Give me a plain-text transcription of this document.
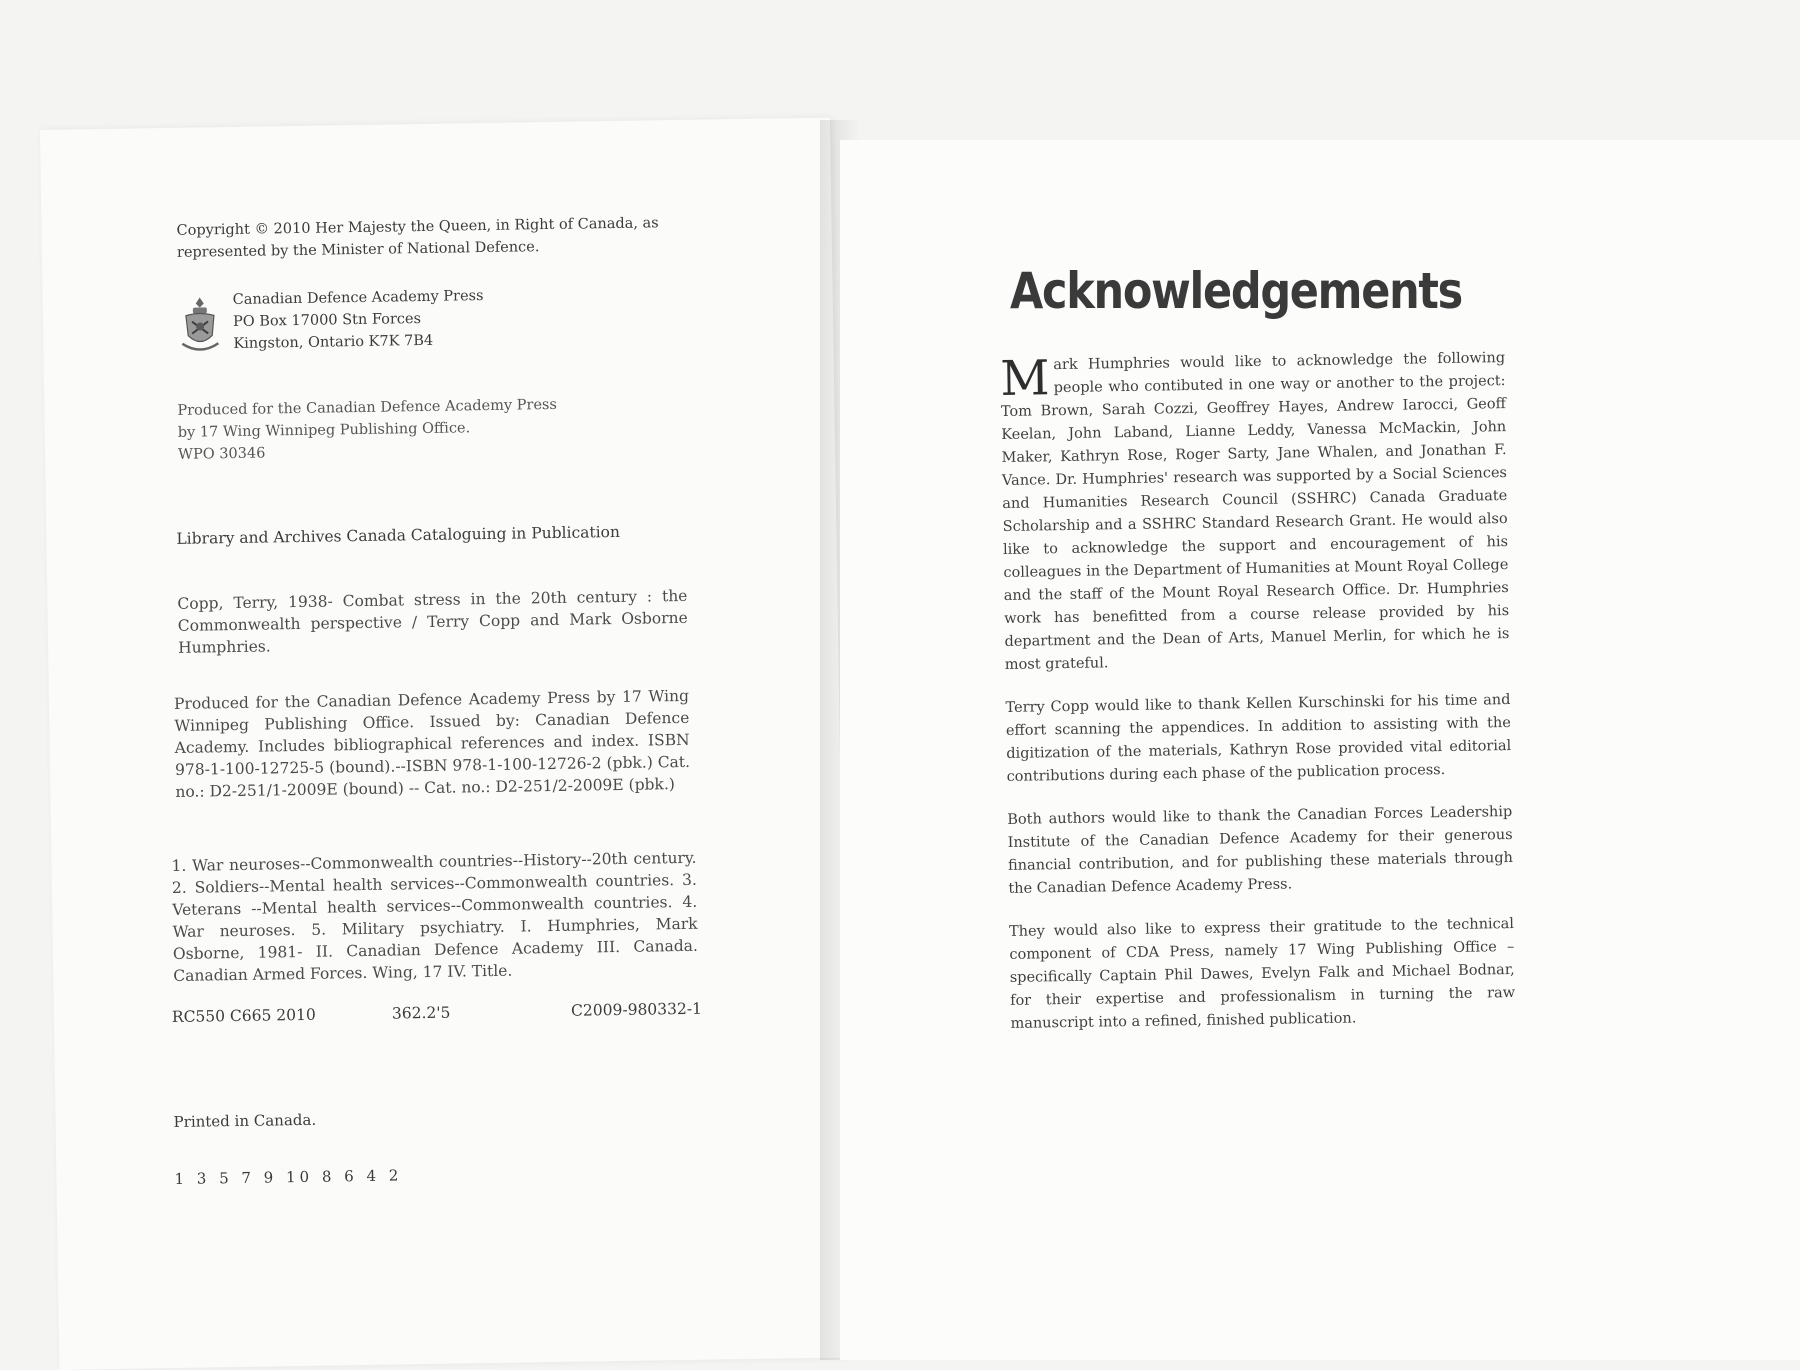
Copyright © 2010 Her Majesty the Queen, in Right of Canada, as represented by the Minister of National Defence.
Canadian Defence Academy Press
PO Box 17000 Stn Forces
Kingston, Ontario K7K 7B4
Produced for the Canadian Defence Academy Press
by 17 Wing Winnipeg Publishing Office.
WPO 30346
Library and Archives Canada Cataloguing in Publication

Copp, Terry, 1938- Combat stress in the 20th century : the Commonwealth perspective / Terry Copp and Mark Osborne Humphries.

Produced for the Canadian Defence Academy Press by 17 Wing Winnipeg Publishing Office. Issued by: Canadian Defence Academy. Includes bibliographical references and index. ISBN 978-1-100-12725-5 (bound).--ISBN 978-1-100-12726-2 (pbk.) Cat. no.: D2-251/1-2009E (bound) -- Cat. no.: D2-251/2-2009E (pbk.)

1. War neuroses--Commonwealth countries--History--20th century. 2. Soldiers--Mental health services--Commonwealth countries. 3. Veterans --Mental health services--Commonwealth countries. 4. War neuroses. 5. Military psychiatry. I. Humphries, Mark Osborne, 1981- II. Canadian Defence Academy III. Canada. Canadian Armed Forces. Wing, 17 IV. Title.

RC550 C665 2010	362.2'5	C2009-980332-1
Printed in Canada.
1 3 5 7 9 10 8 6 4 2
Acknowledgements

Mark Humphries would like to acknowledge the following people who contibuted in one way or another to the project: Tom Brown, Sarah Cozzi, Geoffrey Hayes, Andrew Iarocci, Geoff Keelan, John Laband, Lianne Leddy, Vanessa McMackin, John Maker, Kathryn Rose, Roger Sarty, Jane Whalen, and Jonathan F. Vance. Dr. Humphries' research was supported by a Social Sciences and Humanities Research Council (SSHRC) Canada Graduate Scholarship and a SSHRC Standard Research Grant. He would also like to acknowledge the support and encouragement of his colleagues in the Department of Humanities at Mount Royal College and the staff of the Mount Royal Research Office. Dr. Humphries work has benefitted from a course release provided by his department and the Dean of Arts, Manuel Merlin, for which he is most grateful.

Terry Copp would like to thank Kellen Kurschinski for his time and effort scanning the appendices. In addition to assisting with the digitization of the materials, Kathryn Rose provided vital editorial contributions during each phase of the publication process.

Both authors would like to thank the Canadian Forces Leadership Institute of the Canadian Defence Academy for their generous financial contribution, and for publishing these materials through the Canadian Defence Academy Press.

They would also like to express their gratitude to the technical component of CDA Press, namely 17 Wing Publishing Office – specifically Captain Phil Dawes, Evelyn Falk and Michael Bodnar, for their expertise and professionalism in turning the raw manuscript into a refined, finished publication.
